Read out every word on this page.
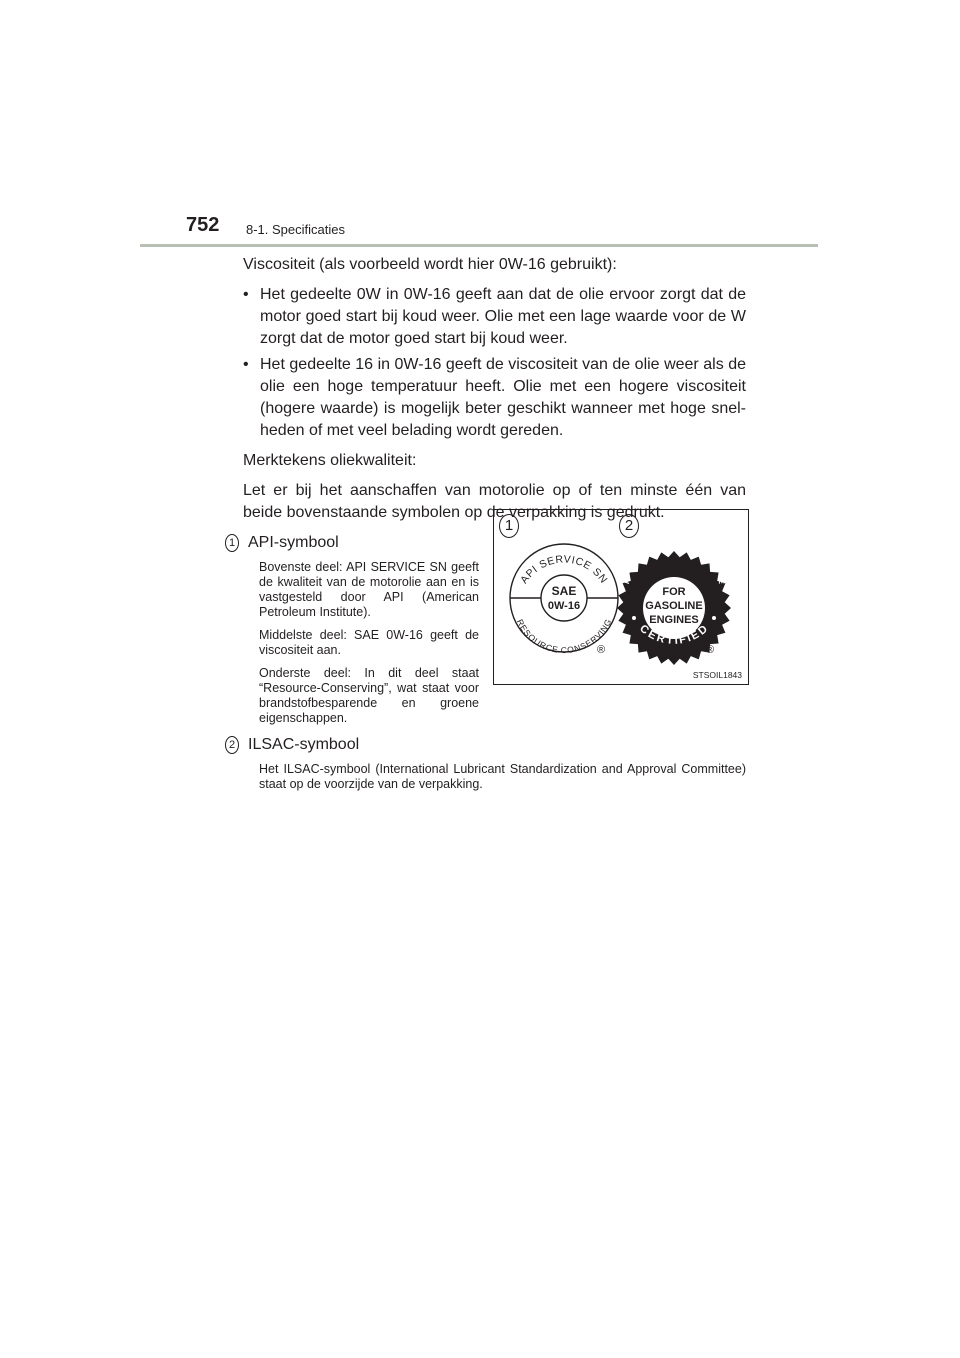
752 8-1. Specificaties

Viscositeit (als voorbeeld wordt hier 0W-16 gebruikt):

• Het gedeelte 0W in 0W-16 geeft aan dat de olie ervoor zorgt dat de motor goed start bij koud weer. Olie met een lage waarde voor de W zorgt dat de motor goed start bij koud weer.
• Het gedeelte 16 in 0W-16 geeft de viscositeit van de olie weer als de olie een hoge temperatuur heeft. Olie met een hogere viscositeit (hogere waarde) is mogelijk beter geschikt wanneer met hoge snel-heden of met veel belading wordt gereden.

Merktekens oliekwaliteit:

Let er bij het aanschaffen van motorolie op of ten minste één van beide bovenstaande symbolen op de verpakking is gedrukt.

1 API-symbool

Bovenste deel: API SERVICE SN geeft de kwaliteit van de motorolie aan en is vastgesteld door API (American Petroleum Institute).

Middelste deel: SAE 0W-16 geeft de viscositeit aan.

Onderste deel: In dit deel staat “Resource-Conserving”, wat staat voor brandstofbesparende en groene eigenschappen.

2 ILSAC-symbool

Het ILSAC-symbool (International Lubricant Standardization and Approval Committee) staat op de voorzijde van de verpakking.

1	2
API SERVICE SN
RESOURCE CONSERVING
SAE
0W-16
®
AMERICAN PETROLEUM INSTITUTE
CERTIFIED
FOR
GASOLINE
ENGINES
®
STSOIL1843
